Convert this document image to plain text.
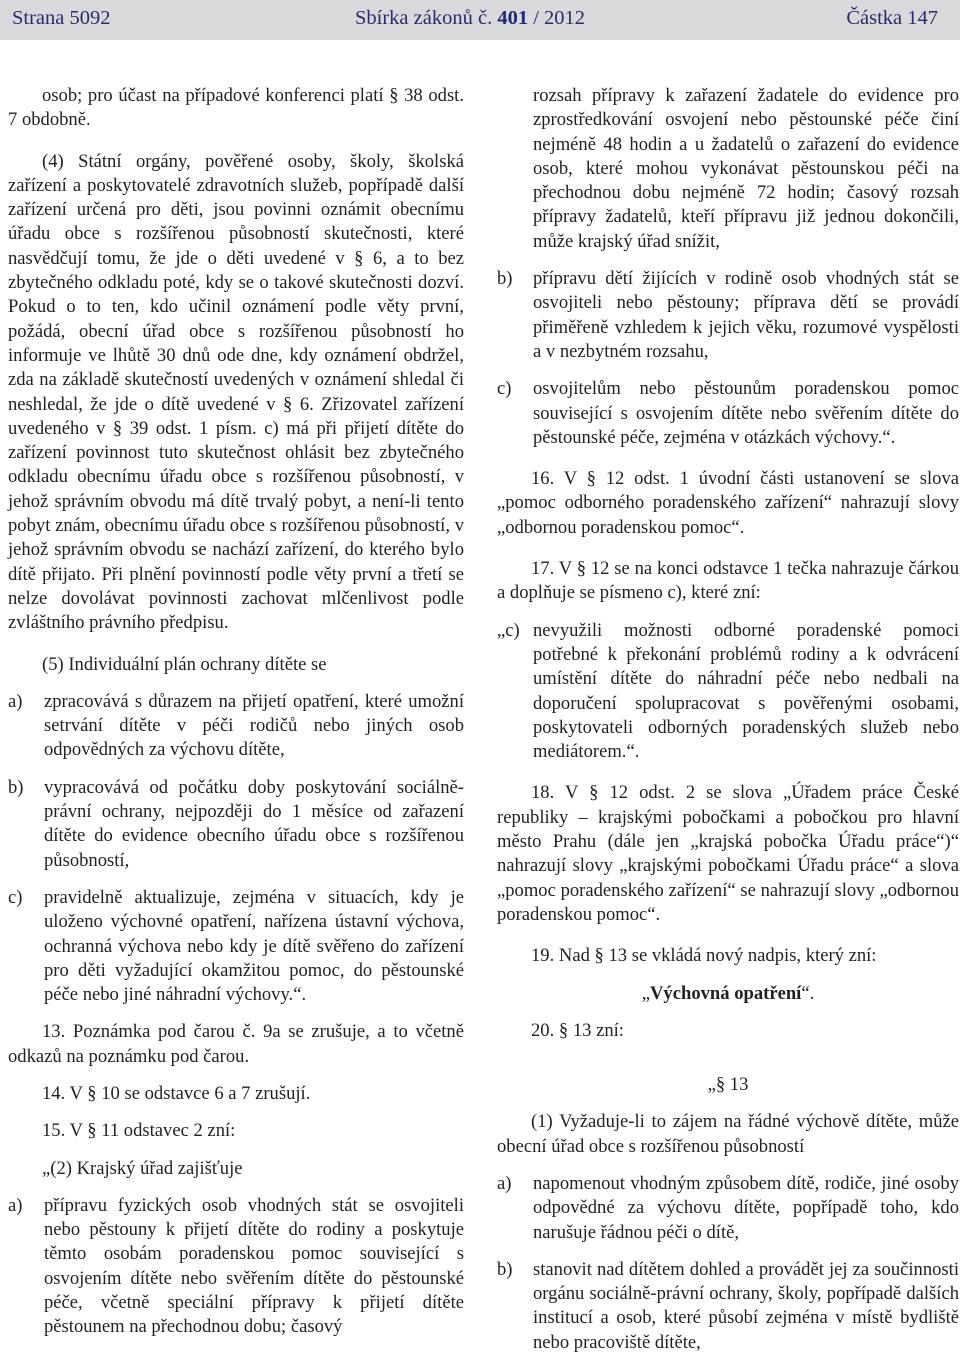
Strana 5092	Sbírka zákonů č. 401 / 2012	Částka 147

osob; pro účast na případové konferenci platí § 38 odst. 7 obdobně.

(4) Státní orgány, pověřené osoby, školy, školská zařízení a poskytovatelé zdravotních služeb, popřípadě další zařízení určená pro děti, jsou povinni oznámit obecnímu úřadu obce s rozšířenou působností skutečnosti, které nasvědčují tomu, že jde o děti uvedené v § 6, a to bez zbytečného odkladu poté, kdy se o takové skutečnosti dozví. Pokud o to ten, kdo učinil oznámení podle věty první, požádá, obecní úřad obce s rozšířenou působností ho informuje ve lhůtě 30 dnů ode dne, kdy oznámení obdržel, zda na základě skutečností uvedených v oznámení shledal či neshledal, že jde o dítě uvedené v § 6. Zřizovatel zařízení uvedeného v § 39 odst. 1 písm. c) má při přijetí dítěte do zařízení povinnost tuto skutečnost ohlásit bez zbytečného odkladu obecnímu úřadu obce s rozšířenou působností, v jehož správním obvodu má dítě trvalý pobyt, a není-li tento pobyt znám, obecnímu úřadu obce s rozšířenou působností, v jehož správním obvodu se nachází zařízení, do kterého bylo dítě přijato. Při plnění povinností podle věty první a třetí se nelze dovolávat povinnosti zachovat mlčenlivost podle zvláštního právního předpisu.

(5) Individuální plán ochrany dítěte se

a)	zpracovává s důrazem na přijetí opatření, které umožní setrvání dítěte v péči rodičů nebo jiných osob odpovědných za výchovu dítěte,
b)	vypracovává od počátku doby poskytování sociálně-právní ochrany, nejpozději do 1 měsíce od zařazení dítěte do evidence obecního úřadu obce s rozšířenou působností,
c)	pravidelně aktualizuje, zejména v situacích, kdy je uloženo výchovné opatření, nařízena ústavní výchova, ochranná výchova nebo kdy je dítě svěřeno do zařízení pro děti vyžadující okamžitou pomoc, do pěstounské péče nebo jiné náhradní výchovy.“.

13. Poznámka pod čarou č. 9a se zrušuje, a to včetně odkazů na poznámku pod čarou.

14. V § 10 se odstavce 6 a 7 zrušují.

15. V § 11 odstavec 2 zní:

„(2) Krajský úřad zajišťuje

a)	přípravu fyzických osob vhodných stát se osvojiteli nebo pěstouny k přijetí dítěte do rodiny a poskytuje těmto osobám poradenskou pomoc související s osvojením dítěte nebo svěřením dítěte do pěstounské péče, včetně speciální přípravy k přijetí dítěte pěstounem na přechodnou dobu; časový
rozsah přípravy k zařazení žadatele do evidence pro zprostředkování osvojení nebo pěstounské péče činí nejméně 48 hodin a u žadatelů o zařazení do evidence osob, které mohou vykonávat pěstounskou péči na přechodnou dobu nejméně 72 hodin; časový rozsah přípravy žadatelů, kteří přípravu již jednou dokončili, může krajský úřad snížit,
b)	přípravu dětí žijících v rodině osob vhodných stát se osvojiteli nebo pěstouny; příprava dětí se provádí přiměřeně vzhledem k jejich věku, rozumové vyspělosti a v nezbytném rozsahu,
c)	osvojitelům nebo pěstounům poradenskou pomoc související s osvojením dítěte nebo svěřením dítěte do pěstounské péče, zejména v otázkách výchovy.“.

16. V § 12 odst. 1 úvodní části ustanovení se slova „pomoc odborného poradenského zařízení“ nahrazují slovy „odbornou poradenskou pomoc“.

17. V § 12 se na konci odstavce 1 tečka nahrazuje čárkou a doplňuje se písmeno c), které zní:

„c) nevyužili možnosti odborné poradenské pomoci potřebné k překonání problémů rodiny a k odvrácení umístění dítěte do náhradní péče nebo nedbali na doporučení spolupracovat s pověřenými osobami, poskytovateli odborných poradenských služeb nebo mediátorem.“.

18. V § 12 odst. 2 se slova „Úřadem práce České republiky – krajskými pobočkami a pobočkou pro hlavní město Prahu (dále jen „krajská pobočka Úřadu práce“)“ nahrazují slovy „krajskými pobočkami Úřadu práce“ a slova „pomoc poradenského zařízení“ se nahrazují slovy „odbornou poradenskou pomoc“.

19. Nad § 13 se vkládá nový nadpis, který zní:

„Výchovná opatření“.

20. § 13 zní:

„§ 13

(1) Vyžaduje-li to zájem na řádné výchově dítěte, může obecní úřad obce s rozšířenou působností

a)	napomenout vhodným způsobem dítě, rodiče, jiné osoby odpovědné za výchovu dítěte, popřípadě toho, kdo narušuje řádnou péči o dítě,
b)	stanovit nad dítětem dohled a provádět jej za součinnosti orgánu sociálně-právní ochrany, školy, popřípadě dalších institucí a osob, které působí zejména v místě bydliště nebo pracoviště dítěte,
